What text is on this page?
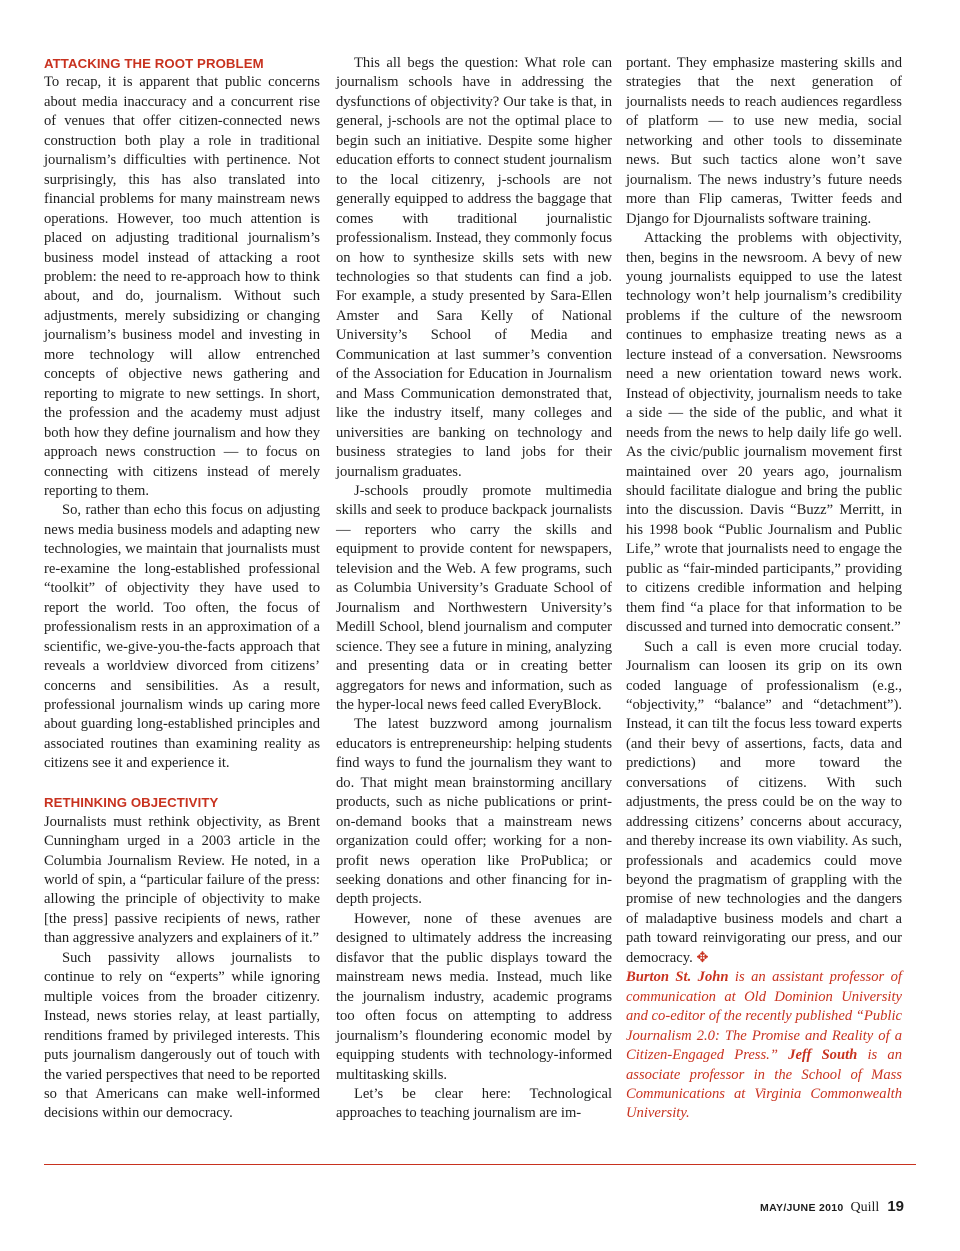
ATTACKING THE ROOT PROBLEM

To recap, it is apparent that public concerns about media inaccuracy and a concurrent rise of venues that offer citizen-connected news construction both play a role in traditional journalism’s difficulties with pertinence. Not surprisingly, this has also translated into financial problems for many mainstream news operations. However, too much attention is placed on adjusting traditional journalism’s business model instead of attacking a root problem: the need to re-approach how to think about, and do, journalism. Without such adjustments, merely subsidizing or changing journalism’s business model and investing in more technology will allow entrenched concepts of objective news gathering and reporting to migrate to new settings. In short, the profession and the academy must adjust both how they define journalism and how they approach news construction — to focus on connecting with citizens instead of merely reporting to them.

So, rather than echo this focus on adjusting news media business models and adapting new technologies, we maintain that journalists must re-examine the long-established professional “toolkit” of objectivity they have used to report the world. Too often, the focus of professionalism rests in an approximation of a scientific, we-give-you-the-facts approach that reveals a worldview divorced from citizens’ concerns and sensibilities. As a result, professional journalism winds up caring more about guarding long-established principles and associated routines than examining reality as citizens see it and experience it.

RETHINKING OBJECTIVITY

Journalists must rethink objectivity, as Brent Cunningham urged in a 2003 article in the Columbia Journalism Review. He noted, in a world of spin, a “particular failure of the press: allowing the principle of objectivity to make [the press] passive recipients of news, rather than aggressive analyzers and explainers of it.”

Such passivity allows journalists to continue to rely on “experts” while ignoring multiple voices from the broader citizenry. Instead, news stories relay, at least partially, renditions framed by privileged interests. This puts journalism dangerously out of touch with the varied perspectives that need to be reported so that Americans can make well-informed decisions within our democracy.

This all begs the question: What role can journalism schools have in addressing the dysfunctions of objectivity? Our take is that, in general, j-schools are not the optimal place to begin such an initiative. Despite some higher education efforts to connect student journalism to the local citizenry, j-schools are not generally equipped to address the baggage that comes with traditional journalistic professionalism. Instead, they commonly focus on how to synthesize skills sets with new technologies so that students can find a job. For example, a study presented by Sara-Ellen Amster and Sara Kelly of National University’s School of Media and Communication at last summer’s convention of the Association for Education in Journalism and Mass Communication demonstrated that, like the industry itself, many colleges and universities are banking on technology and business strategies to land jobs for their journalism graduates.

J-schools proudly promote multimedia skills and seek to produce backpack journalists — reporters who carry the skills and equipment to provide content for newspapers, television and the Web. A few programs, such as Columbia University’s Graduate School of Journalism and Northwestern University’s Medill School, blend journalism and computer science. They see a future in mining, analyzing and presenting data or in creating better aggregators for news and information, such as the hyper-local news feed called EveryBlock.

The latest buzzword among journalism educators is entrepreneurship: helping students find ways to fund the journalism they want to do. That might mean brainstorming ancillary products, such as niche publications or print-on-demand books that a mainstream news organization could offer; working for a non-profit news operation like ProPublica; or seeking donations and other financing for in-depth projects.

However, none of these avenues are designed to ultimately address the increasing disfavor that the public displays toward the mainstream news media. Instead, much like the journalism industry, academic programs too often focus on attempting to address journalism’s floundering economic model by equipping students with technology-informed multitasking skills.

Let’s be clear here: Technological approaches to teaching journalism are im-

portant. They emphasize mastering skills and strategies that the next generation of journalists needs to reach audiences regardless of platform — to use new media, social networking and other tools to disseminate news. But such tactics alone won’t save journalism. The news industry’s future needs more than Flip cameras, Twitter feeds and Django for Djournalists software training.

Attacking the problems with objectivity, then, begins in the newsroom. A bevy of new young journalists equipped to use the latest technology won’t help journalism’s credibility problems if the culture of the newsroom continues to emphasize treating news as a lecture instead of a conversation. Newsrooms need a new orientation toward news work. Instead of objectivity, journalism needs to take a side — the side of the public, and what it needs from the news to help daily life go well. As the civic/public journalism movement first maintained over 20 years ago, journalism should facilitate dialogue and bring the public into the discussion. Davis “Buzz” Merritt, in his 1998 book “Public Journalism and Public Life,” wrote that journalists need to engage the public as “fair-minded participants,” providing to citizens credible information and helping them find “a place for that information to be discussed and turned into democratic consent.”

Such a call is even more crucial today. Journalism can loosen its grip on its own coded language of professionalism (e.g., “objectivity,” “balance” and “detachment”). Instead, it can tilt the focus less toward experts (and their bevy of assertions, facts, data and predictions) and more toward the conversations of citizens. With such adjustments, the press could be on the way to addressing citizens’ concerns about accuracy, and thereby increase its own viability. As such, professionals and academics could move beyond the pragmatism of grappling with the promise of new technologies and the dangers of maladaptive business models and chart a path toward reinvigorating our press, and our democracy. ✥

Burton St. John is an assistant professor of communication at Old Dominion University and co-editor of the recently published “Public Journalism 2.0: The Promise and Reality of a Citizen-Engaged Press.” Jeff South is an associate professor in the School of Mass Communications at Virginia Commonwealth University.

MAY/JUNE 2010 Quill 19
